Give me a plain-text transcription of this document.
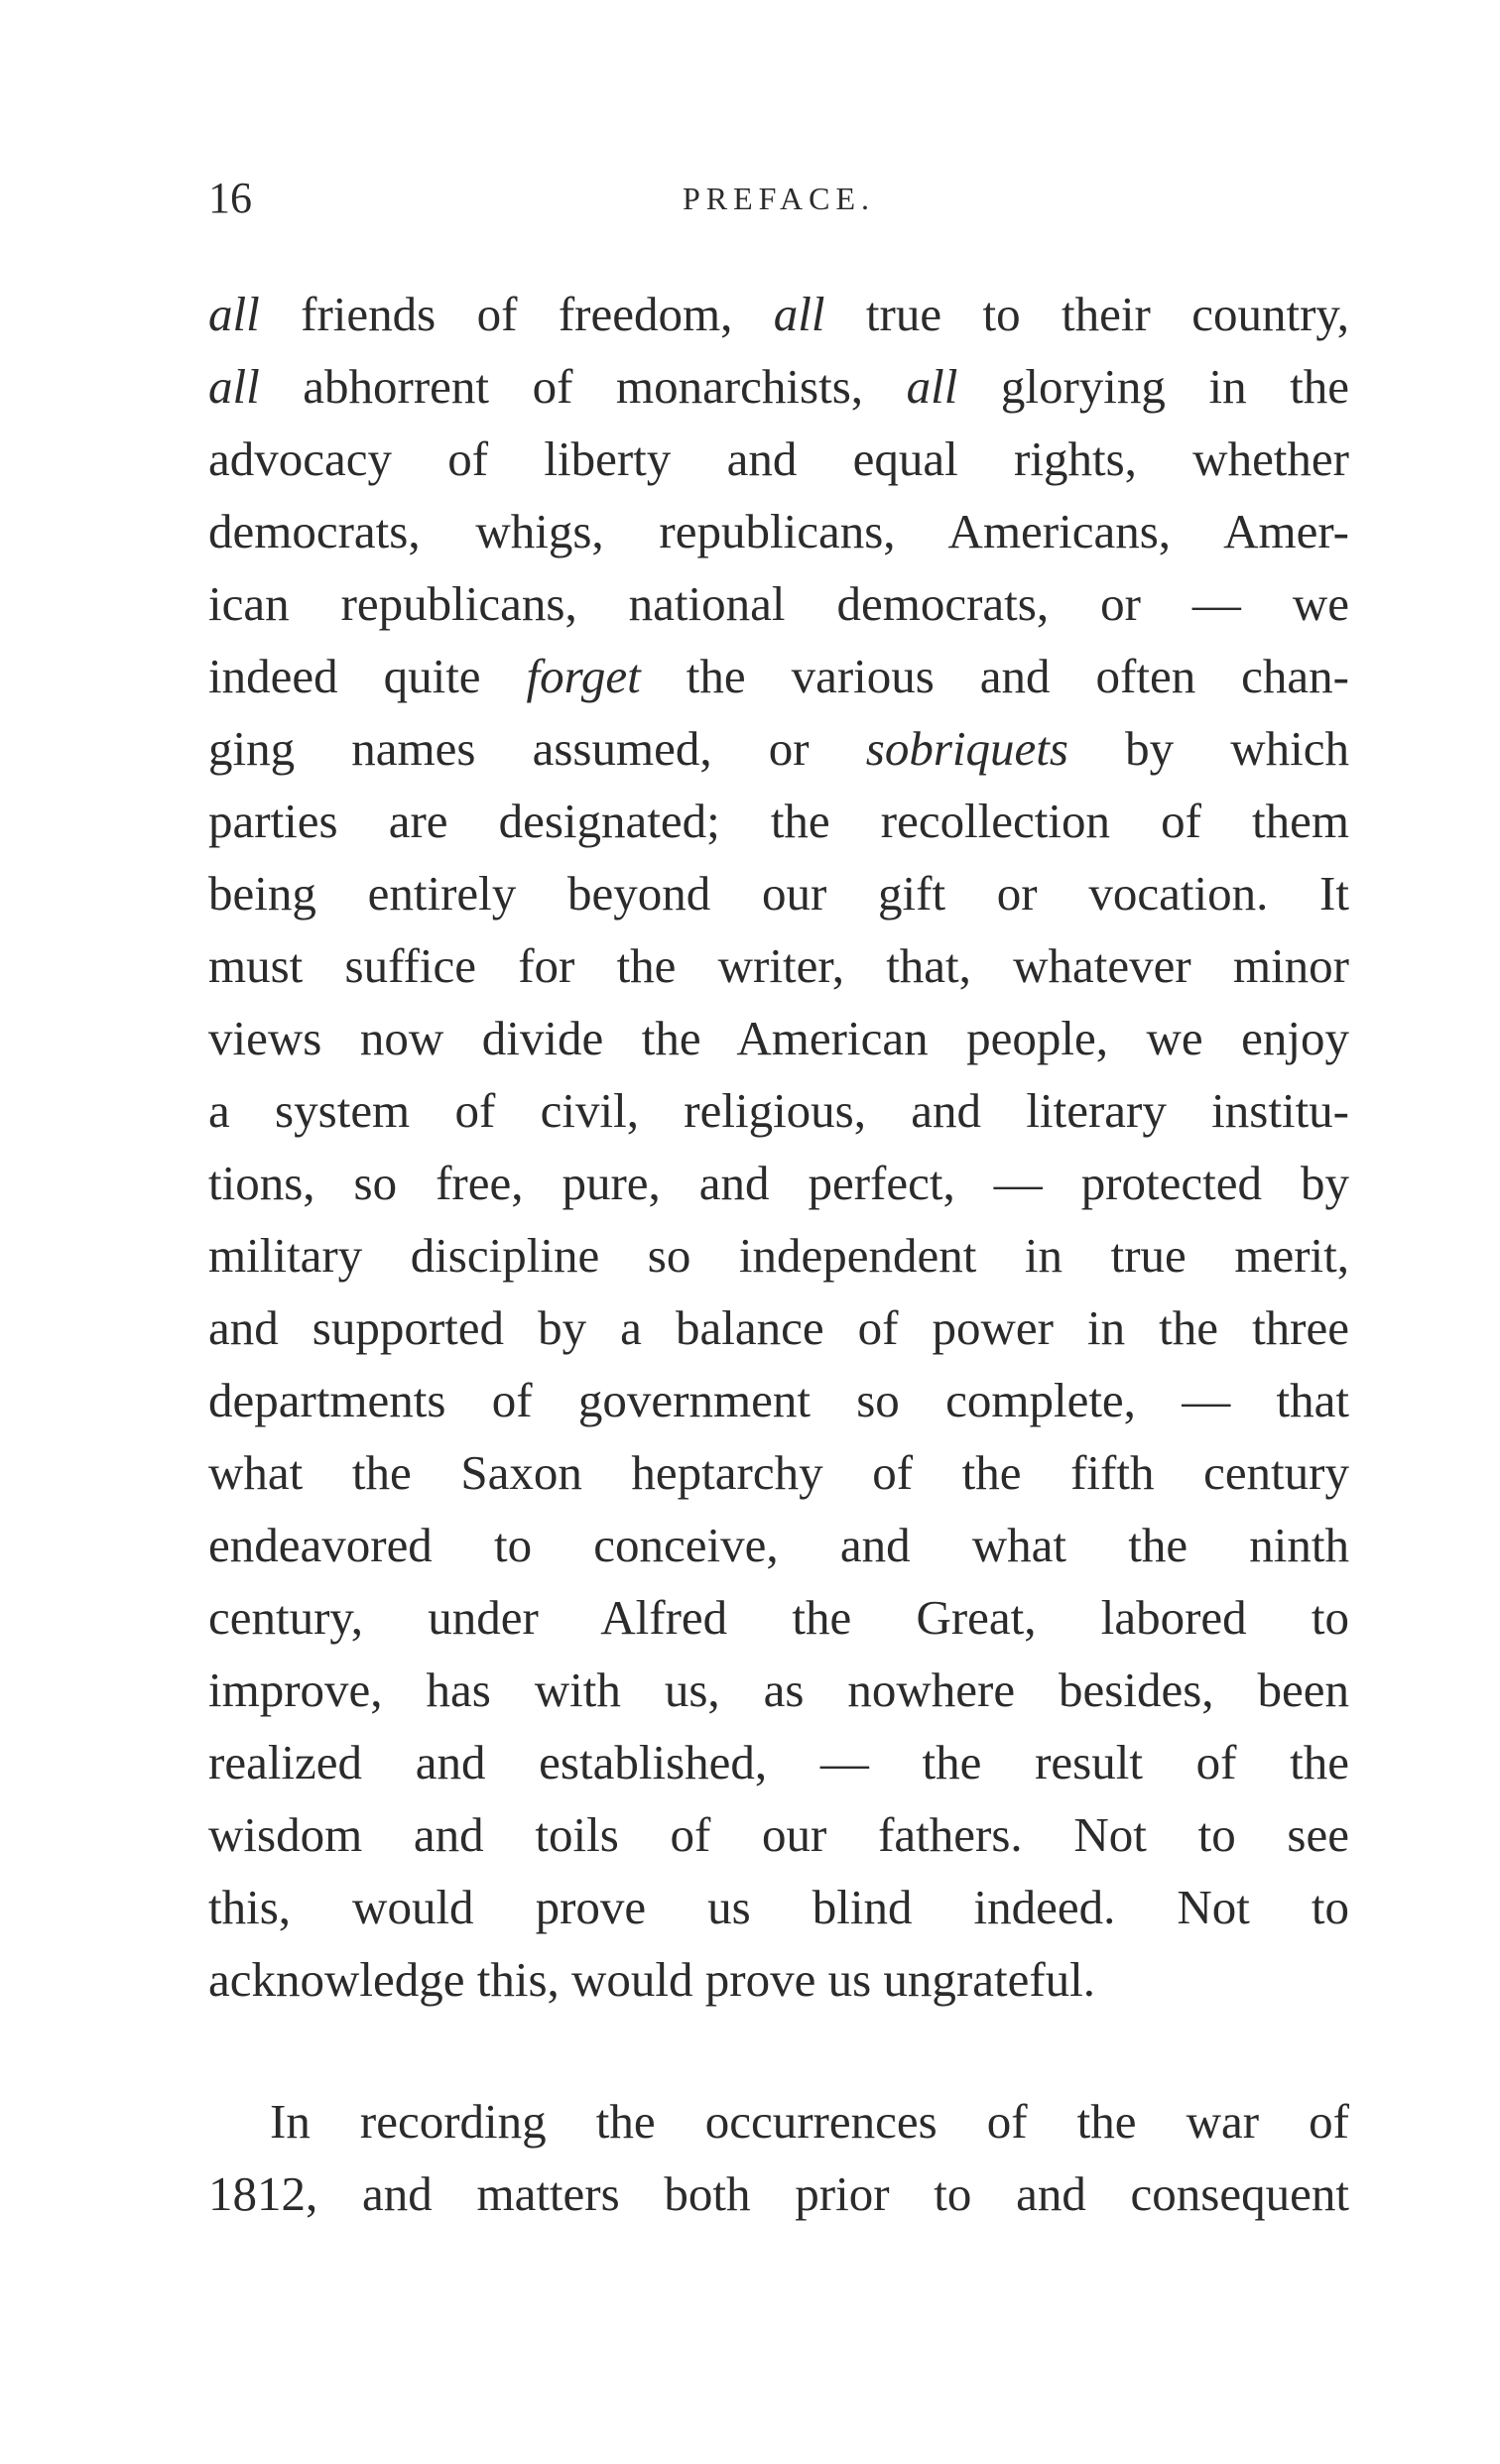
16	PREFACE.
all friends of freedom, all true to their country,
all abhorrent of monarchists, all glorying in the
advocacy of liberty and equal rights, whether
democrats, whigs, republicans, Americans, Amer-
ican republicans, national democrats, or — we
indeed quite forget the various and often chan-
ging names assumed, or sobriquets by which
parties are designated; the recollection of them
being entirely beyond our gift or vocation. It
must suffice for the writer, that, whatever minor
views now divide the American people, we enjoy
a system of civil, religious, and literary institu-
tions, so free, pure, and perfect, — protected by
military discipline so independent in true merit,
and supported by a balance of power in the three
departments of government so complete, — that
what the Saxon heptarchy of the fifth century
endeavored to conceive, and what the ninth
century, under Alfred the Great, labored to
improve, has with us, as nowhere besides, been
realized and established, — the result of the
wisdom and toils of our fathers. Not to see
this, would prove us blind indeed. Not to
acknowledge this, would prove us ungrateful.
In recording the occurrences of the war of
1812, and matters both prior to and consequent
